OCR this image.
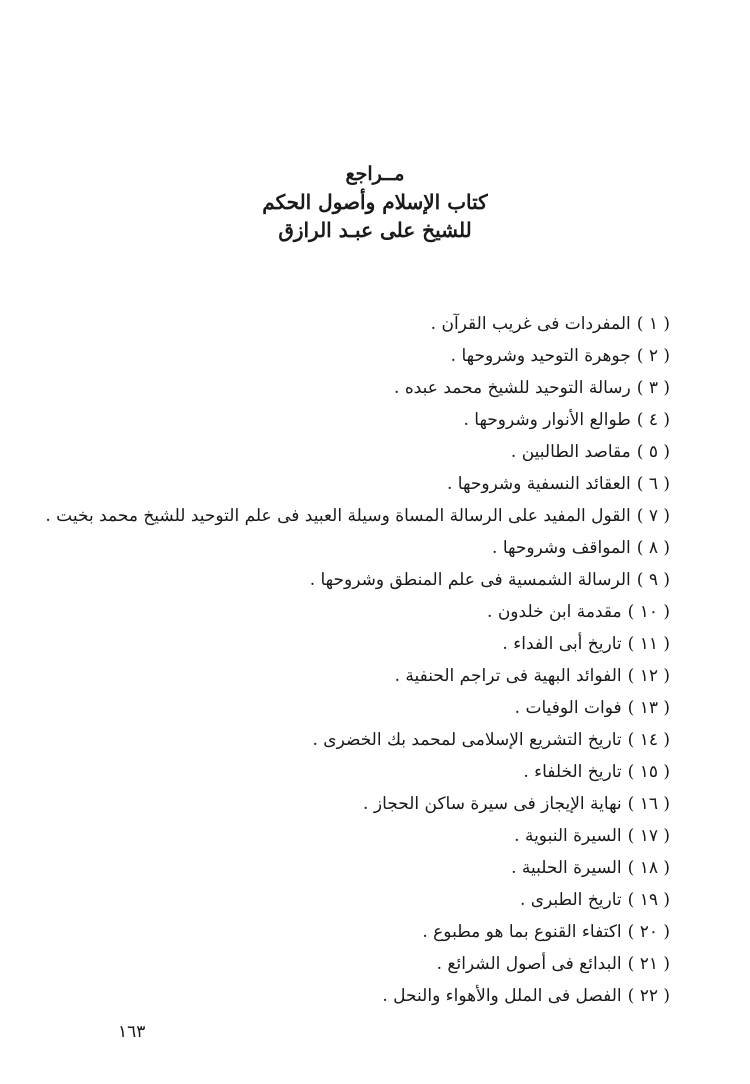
مــراجع
كتاب الإسلام وأصول الحكم
للشيخ على عبـد الرازق
( ١ )المفردات فى غريب القرآن .
( ٢ )جوهرة التوحيد وشروحها .
( ٣ )رسالة التوحيد للشيخ محمد عبده .
( ٤ )طوالع الأنوار وشروحها .
( ٥ )مقاصد الطالبين .
( ٦ )العقائد النسفية وشروحها .
( ٧ )القول المفيد على الرسالة المساة وسيلة العبيد فى علم التوحيد للشيخ محمد بخيت .
( ٨ )المواقف وشروحها .
( ٩ )الرسالة الشمسية فى علم المنطق وشروحها .
( ١٠ )مقدمة ابن خلدون .
( ١١ )تاريخ أبى الفداء .
( ١٢ )الفوائد البهية فى تراجم الحنفية .
( ١٣ )فوات الوفيات .
( ١٤ )تاريخ التشريع الإسلامى لمحمد بك الخضرى .
( ١٥ )تاريخ الخلفاء .
( ١٦ )نهاية الإيجاز فى سيرة ساكن الحجاز .
( ١٧ )السيرة النبوية .
( ١٨ )السيرة الحلبية .
( ١٩ )تاريخ الطبرى .
( ٢٠ )اكتفاء القنوع بما هو مطبوع .
( ٢١ )البدائع فى أصول الشرائع .
( ٢٢ )الفصل فى الملل والأهواء والنحل .
١٦٣
